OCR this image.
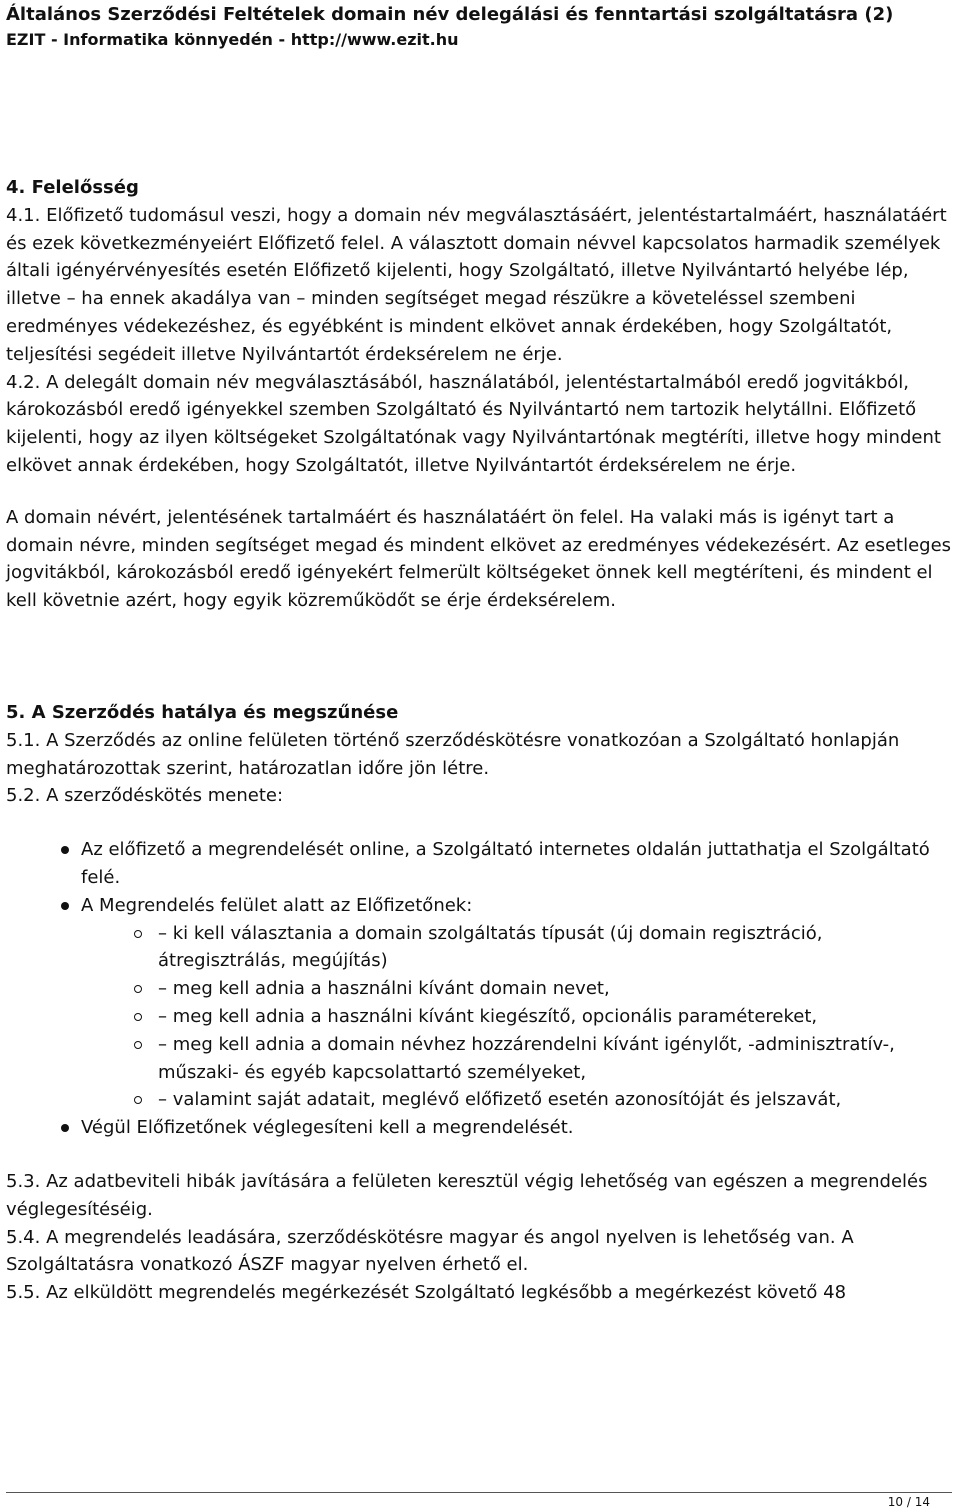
Általános Szerződési Feltételek domain név delegálási és fenntartási szolgáltatásra (2)
EZIT - Informatika könnyedén - http://www.ezit.hu

4. Felelősség

4.1. Előfizető tudomásul veszi, hogy a domain név megválasztásáért, jelentéstartalmáért, használatáért és ezek következményeiért Előfizető felel. A választott domain névvel kapcsolatos harmadik személyek általi igényérvényesítés esetén Előfizető kijelenti, hogy Szolgáltató, illetve Nyilvántartó helyébe lép, illetve – ha ennek akadálya van – minden segítséget megad részükre a követeléssel szembeni eredményes védekezéshez, és egyébként is mindent elkövet annak érdekében, hogy Szolgáltatót, teljesítési segédeit illetve Nyilvántartót érdeksérelem ne érje.

4.2. A delegált domain név megválasztásából, használatából, jelentéstartalmából eredő jogvitákból, károkozásból eredő igényekkel szemben Szolgáltató és Nyilvántartó nem tartozik helytállni. Előfizető kijelenti, hogy az ilyen költségeket Szolgáltatónak vagy Nyilvántartónak megtéríti, illetve hogy mindent elkövet annak érdekében, hogy Szolgáltatót, illetve Nyilvántartót érdeksérelem ne érje.

A domain névért, jelentésének tartalmáért és használatáért ön felel. Ha valaki más is igényt tart a domain névre, minden segítséget megad és mindent elkövet az eredményes védekezésért. Az esetleges jogvitákból, károkozásból eredő igényekért felmerült költségeket önnek kell megtéríteni, és mindent el kell követnie azért, hogy egyik közreműködőt se érje érdeksérelem.

5. A Szerződés hatálya és megszűnése

5.1. A Szerződés az online felületen történő szerződéskötésre vonatkozóan a Szolgáltató honlapján meghatározottak szerint, határozatlan időre jön létre.

5.2. A szerződéskötés menete:

Az előfizető a megrendelését online, a Szolgáltató internetes oldalán juttathatja el Szolgáltató felé.
A Megrendelés felület alatt az Előfizetőnek:
– ki kell választania a domain szolgáltatás típusát (új domain regisztráció, átregisztrálás, megújítás)
– meg kell adnia a használni kívánt domain nevet,
– meg kell adnia a használni kívánt kiegészítő, opcionális paramétereket,
– meg kell adnia a domain névhez hozzárendelni kívánt igénylőt, -adminisztratív-, műszaki- és egyéb kapcsolattartó személyeket,
– valamint saját adatait, meglévő előfizető esetén azonosítóját és jelszavát,
Végül Előfizetőnek véglegesíteni kell a megrendelését.

5.3. Az adatbeviteli hibák javítására a felületen keresztül végig lehetőség van egészen a megrendelés véglegesítéséig.

5.4. A megrendelés leadására, szerződéskötésre magyar és angol nyelven is lehetőség van. A Szolgáltatásra vonatkozó ÁSZF magyar nyelven érhető el.

5.5. Az elküldött megrendelés megérkezését Szolgáltató legkésőbb a megérkezést követő 48

10 / 14
